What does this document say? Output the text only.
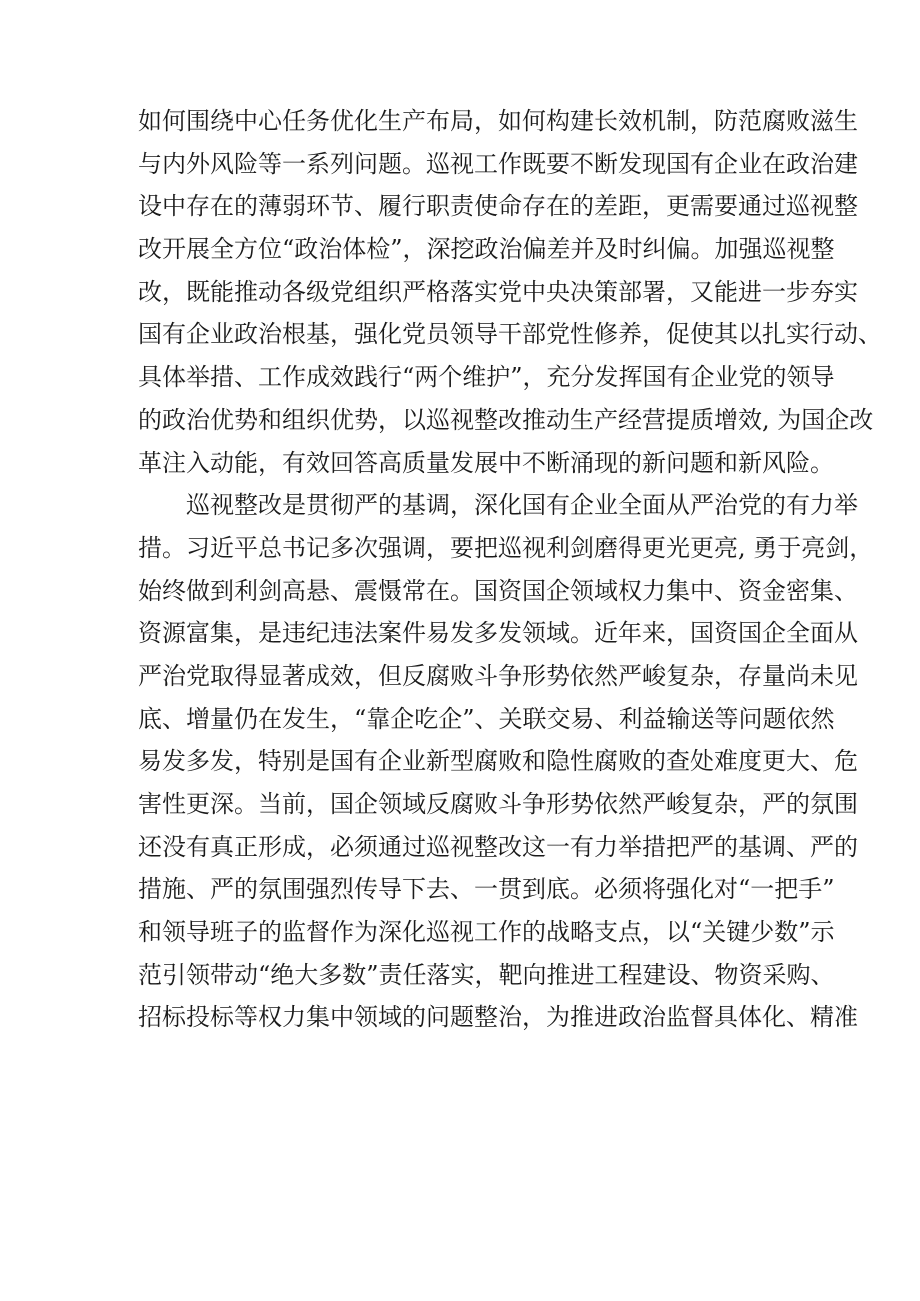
如何围绕中心任务优化生产布局，如何构建长效机制，防范腐败滋生
与内外风险等一系列问题。巡视工作既要不断发现国有企业在政治建
设中存在的薄弱环节、履行职责使命存在的差距，更需要通过巡视整
改开展全方位“政治体检”，深挖政治偏差并及时纠偏。加强巡视整
改，既能推动各级党组织严格落实党中央决策部署，又能进一步夯实
国有企业政治根基，强化党员领导干部党性修养，促使其以扎实行动、
具体举措、工作成效践行“两个维护”，充分发挥国有企业党的领导
的政治优势和组织优势，以巡视整改推动生产经营提质增效, 为国企改
革注入动能，有效回答高质量发展中不断涌现的新问题和新风险。
巡视整改是贯彻严的基调，深化国有企业全面从严治党的有力举
措。习近平总书记多次强调，要把巡视利剑磨得更光更亮, 勇于亮剑，
始终做到利剑高悬、震慑常在。国资国企领域权力集中、资金密集、
资源富集，是违纪违法案件易发多发领域。近年来，国资国企全面从
严治党取得显著成效，但反腐败斗争形势依然严峻复杂，存量尚未见
底、增量仍在发生，“靠企吃企”、关联交易、利益输送等问题依然
易发多发，特别是国有企业新型腐败和隐性腐败的查处难度更大、危
害性更深。当前，国企领域反腐败斗争形势依然严峻复杂，严的氛围
还没有真正形成，必须通过巡视整改这一有力举措把严的基调、严的
措施、严的氛围强烈传导下去、一贯到底。必须将强化对“一把手”
和领导班子的监督作为深化巡视工作的战略支点，以“关键少数”示
范引领带动“绝大多数”责任落实，靶向推进工程建设、物资采购、
招标投标等权力集中领域的问题整治，为推进政治监督具体化、精准
